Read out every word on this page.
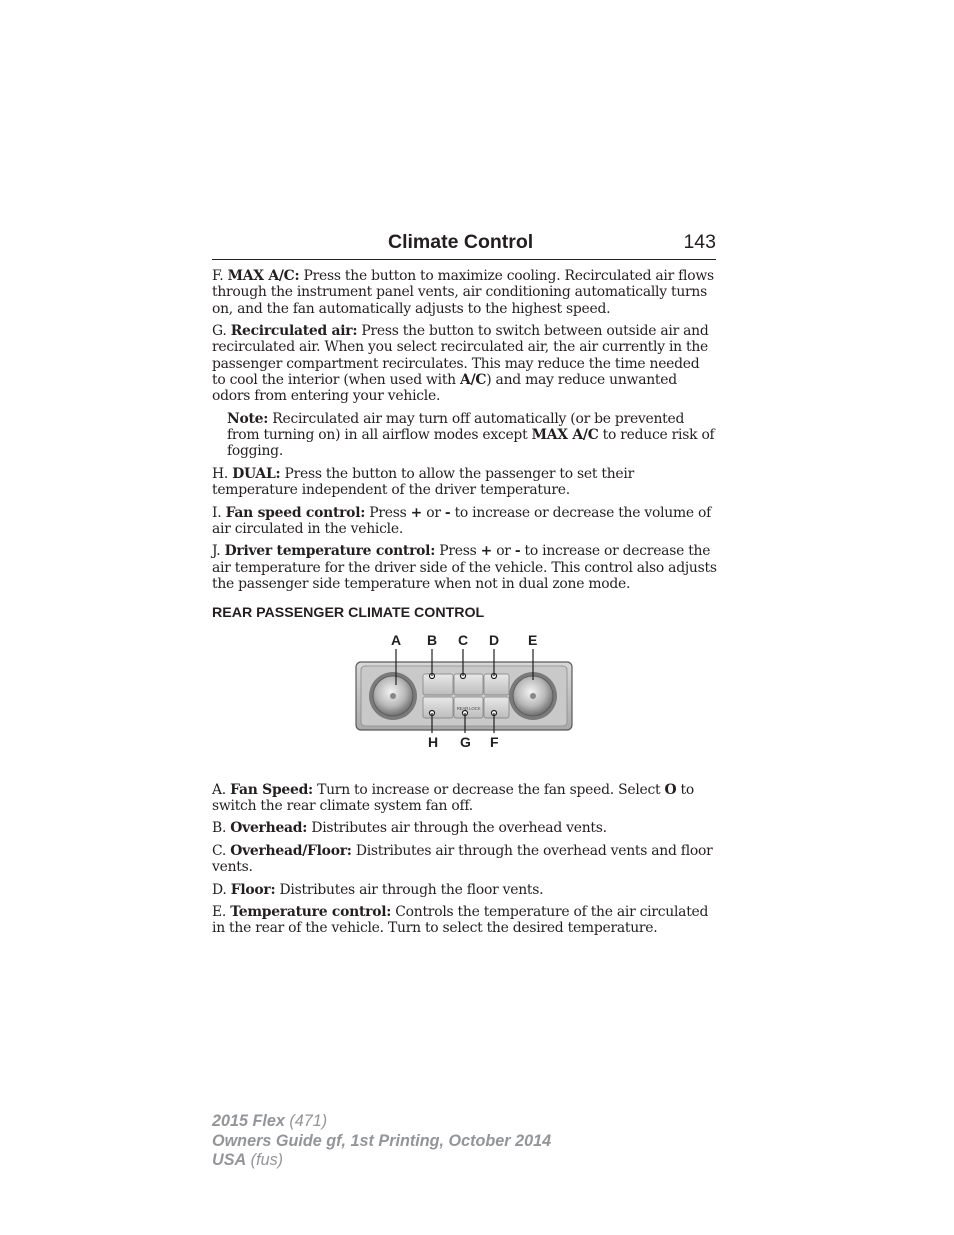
Climate Control	143

F. MAX A/C: Press the button to maximize cooling. Recirculated air flows through the instrument panel vents, air conditioning automatically turns on, and the fan automatically adjusts to the highest speed.

G. Recirculated air: Press the button to switch between outside air and recirculated air. When you select recirculated air, the air currently in the passenger compartment recirculates. This may reduce the time needed to cool the interior (when used with A/C) and may reduce unwanted odors from entering your vehicle.

Note: Recirculated air may turn off automatically (or be prevented from turning on) in all airflow modes except MAX A/C to reduce risk of fogging.

H. DUAL: Press the button to allow the passenger to set their temperature independent of the driver temperature.

I. Fan speed control: Press + or - to increase or decrease the volume of air circulated in the vehicle.

J. Driver temperature control: Press + or - to increase or decrease the air temperature for the driver side of the vehicle. This control also adjusts the passenger side temperature when not in dual zone mode.

REAR PASSENGER CLIMATE CONTROL
A B C D E
REAR LOCK
H G F

A. Fan Speed: Turn to increase or decrease the fan speed. Select O to switch the rear climate system fan off.

B. Overhead: Distributes air through the overhead vents.

C. Overhead/Floor: Distributes air through the overhead vents and floor vents.

D. Floor: Distributes air through the floor vents.

E. Temperature control: Controls the temperature of the air circulated in the rear of the vehicle. Turn to select the desired temperature.

2015 Flex (471)
Owners Guide gf, 1st Printing, October 2014
USA (fus)
